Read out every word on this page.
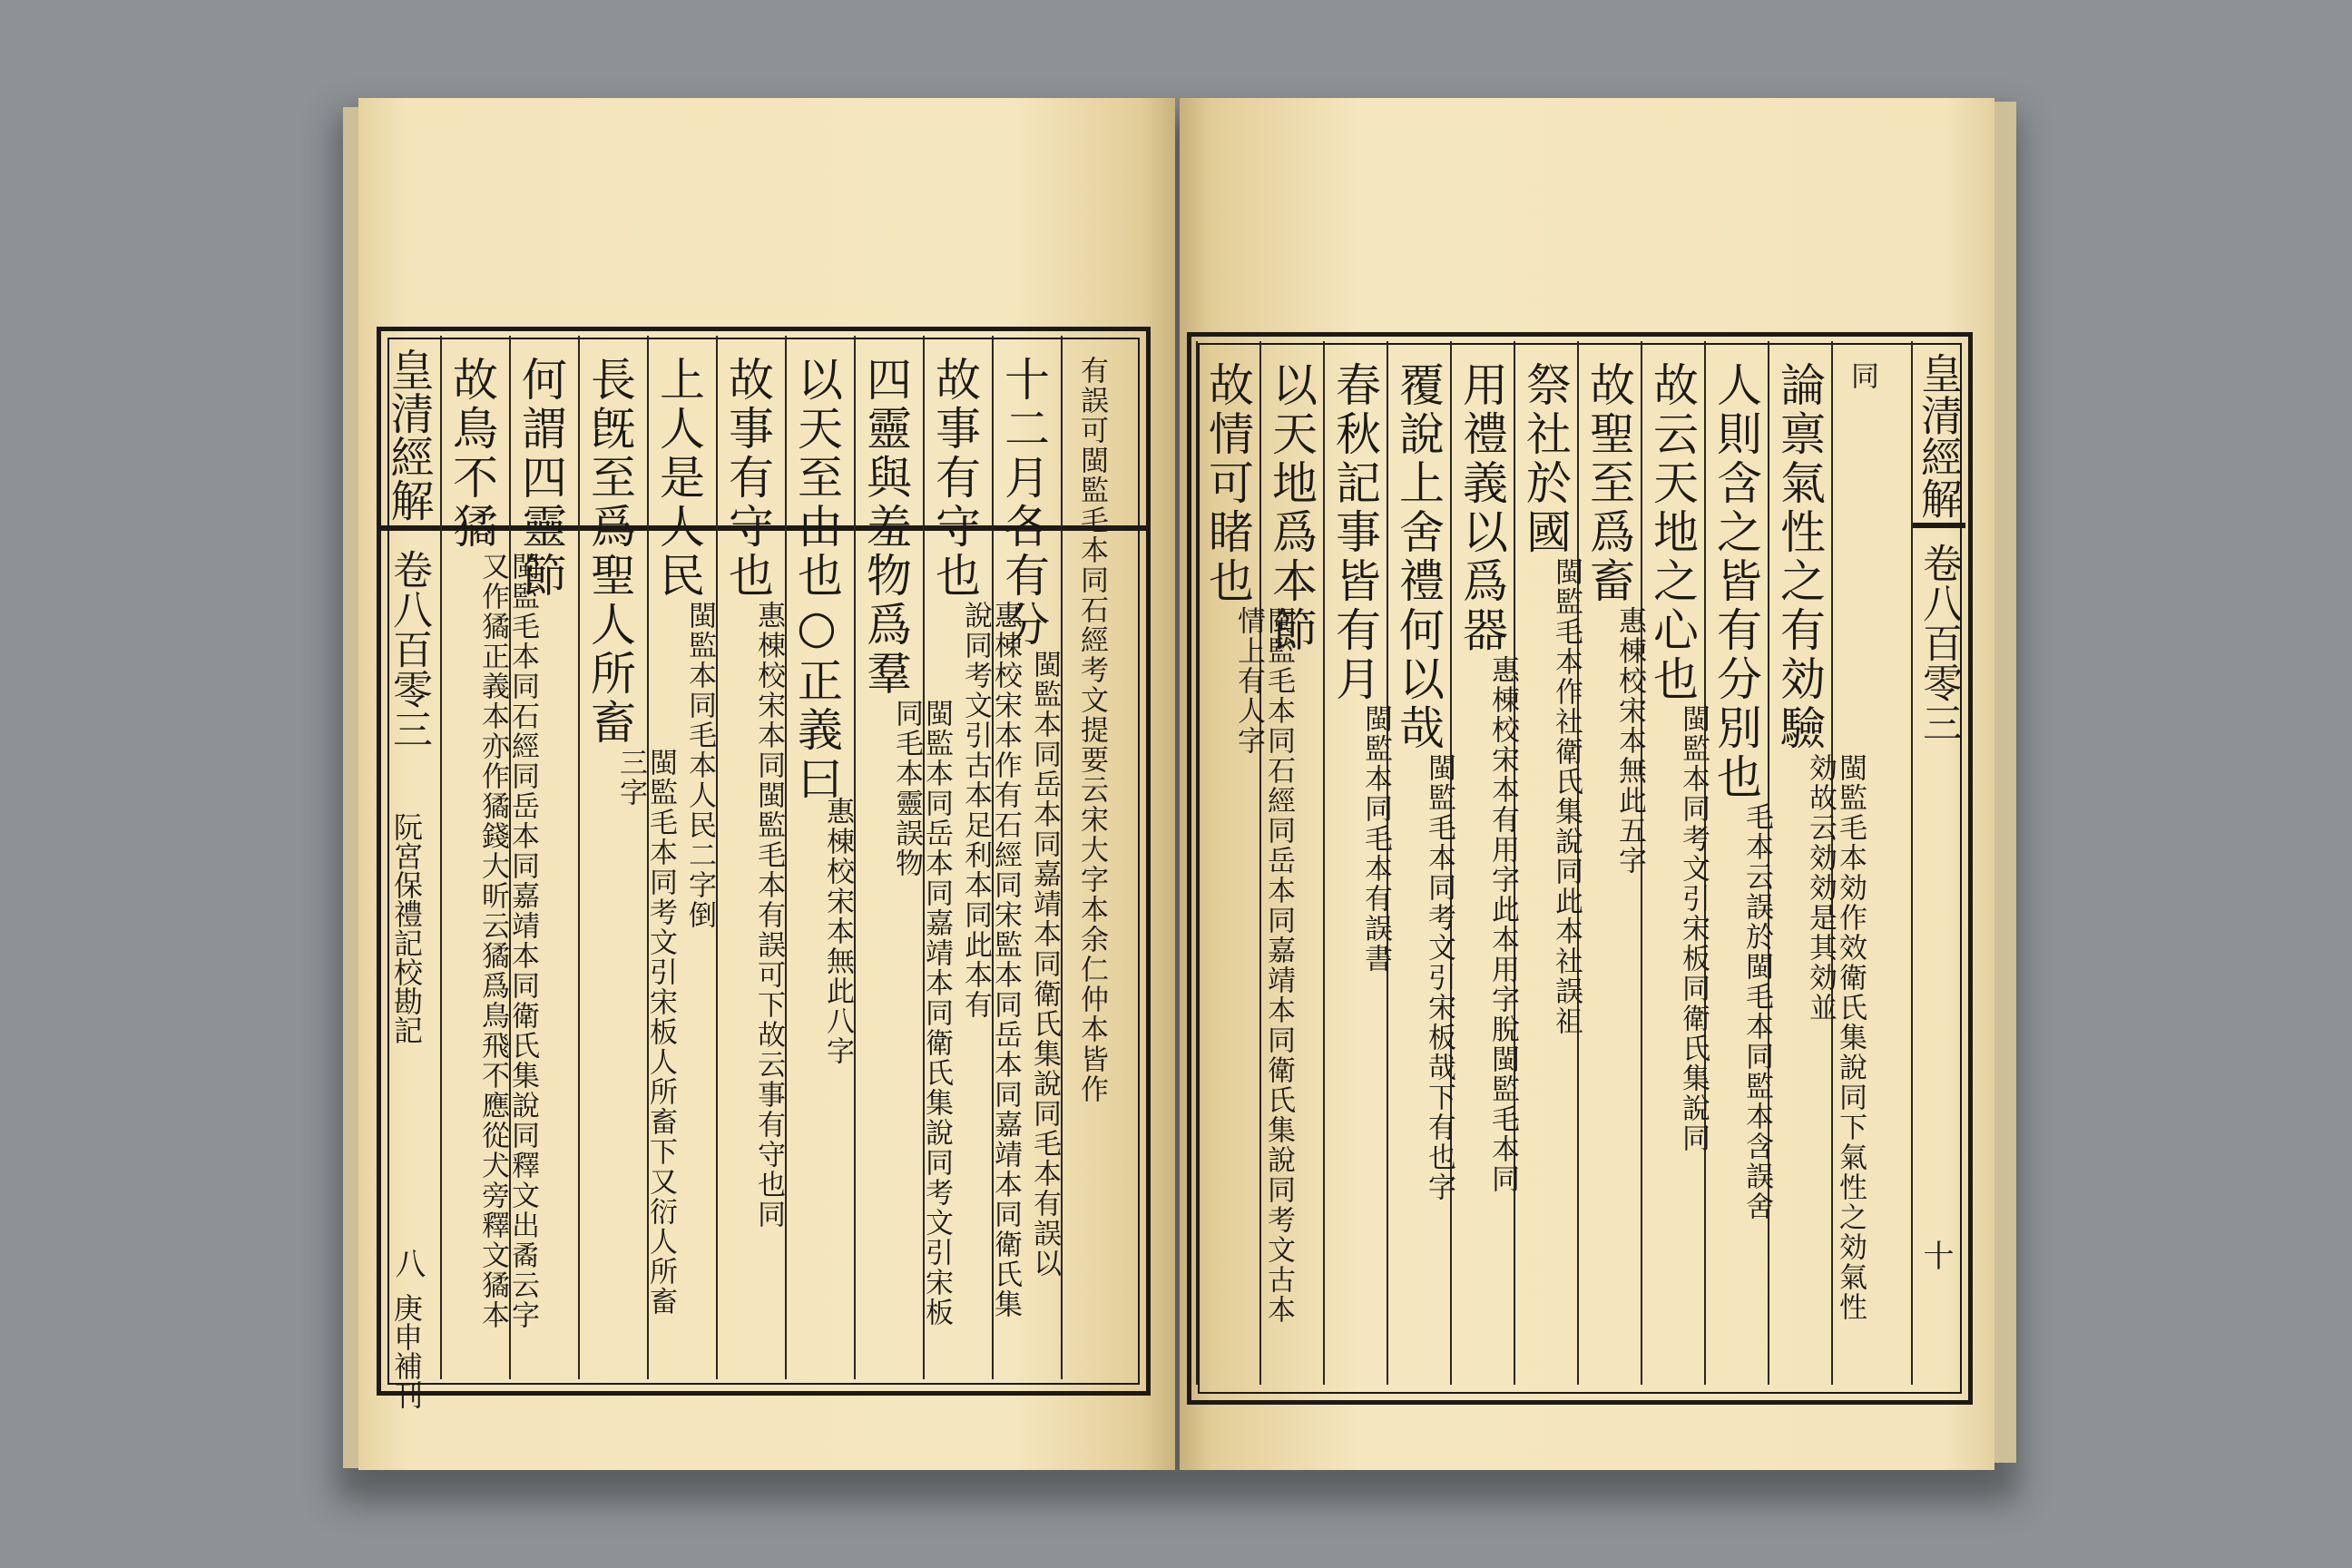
皇清經解
卷八百零三
阮宮保禮記校勘記
八
庚申補刊
有誤可閩監毛本同石經考文提要云宋大字本余仁仲本皆作
十二月各有分
閩監本同岳本同嘉靖本同衛氏集說同毛本有誤以
故事有守也
惠棟校宋本作有石經同宋監本同岳本同嘉靖本同衛氏集
說同考文引古本足利本同此本有
四靈與羞物爲羣
閩監本同岳本同嘉靖本同衛氏集說同考文引宋板
同毛本靈誤物
以天至由也○正義曰
惠棟校宋本無此八字
故事有守也
惠棟校宋本同閩監毛本有誤可下故云事有守也同
上人是人民
閩監本同毛本人民二字倒
長旣至爲聖人所畜
閩監毛本同考文引宋板人所畜下又衍人所畜
三字
何謂四靈節
故鳥不獝
閩監毛本同石經同岳本同嘉靖本同衛氏集說同釋文出矞云字
又作獝正義本亦作獝錢大昕云獝爲鳥飛不應從犬旁釋文獝本
同
論禀氣性之有効驗
閩監毛本効作效衛氏集說同下氣性之効氣性
効故云効効是其効並
人則含之皆有分別也
毛本云誤於閩毛本同監本含誤舍
故云天地之心也
閩監本同考文引宋板同衛氏集說同
故聖至爲畜
惠棟校宋本無此五字
祭社於國
閩監毛本作社衛氏集說同此本社誤祖
用禮義以爲器
惠棟校宋本有用字此本用字脫閩監毛本同
覆說上舍禮何以哉
閩監毛本同考文引宋板哉下有也字
春秋記事皆有月
閩監本同毛本有誤書
以天地爲本節
故情可睹也
閩監毛本同石經同岳本同嘉靖本同衛氏集說同考文古本
情上有人字
皇清經解
卷八百零三
十
